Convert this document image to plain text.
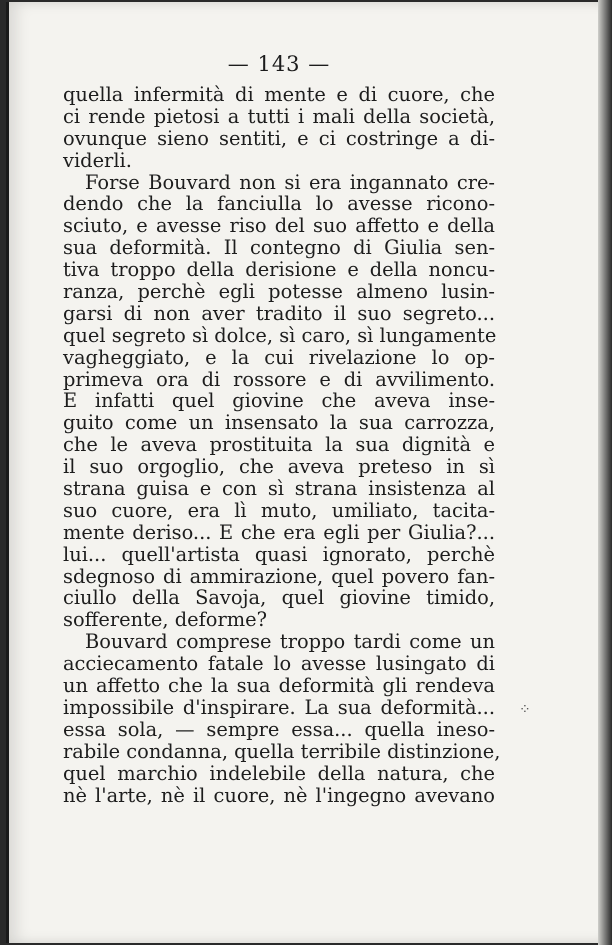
— 143 —
quella infermità di mente e di cuore, che
ci rende pietosi a tutti i mali della società,
ovunque sieno sentiti, e ci costringe a di-
viderli.
Forse Bouvard non si era ingannato cre-
dendo che la fanciulla lo avesse ricono-
sciuto, e avesse riso del suo affetto e della
sua deformità. Il contegno di Giulia sen-
tiva troppo della derisione e della noncu-
ranza, perchè egli potesse almeno lusin-
garsi di non aver tradito il suo segreto...
quel segreto sì dolce, sì caro, sì lungamente
vagheggiato, e la cui rivelazione lo op-
primeva ora di rossore e di avvilimento.
E infatti quel giovine che aveva inse-
guito come un insensato la sua carrozza,
che le aveva prostituita la sua dignità e
il suo orgoglio, che aveva preteso in sì
strana guisa e con sì strana insistenza al
suo cuore, era lì muto, umiliato, tacita-
mente deriso... E che era egli per Giulia?...
lui... quell'artista quasi ignorato, perchè
sdegnoso di ammirazione, quel povero fan-
ciullo della Savoja, quel giovine timido,
sofferente, deforme?
Bouvard comprese troppo tardi come un
acciecamento fatale lo avesse lusingato di
un affetto che la sua deformità gli rendeva
impossibile d'inspirare. La sua deformità...
essa sola, — sempre essa... quella ineso-
rabile condanna, quella terribile distinzione,
quel marchio indelebile della natura, che
nè l'arte, nè il cuore, nè l'ingegno avevano
⁘
